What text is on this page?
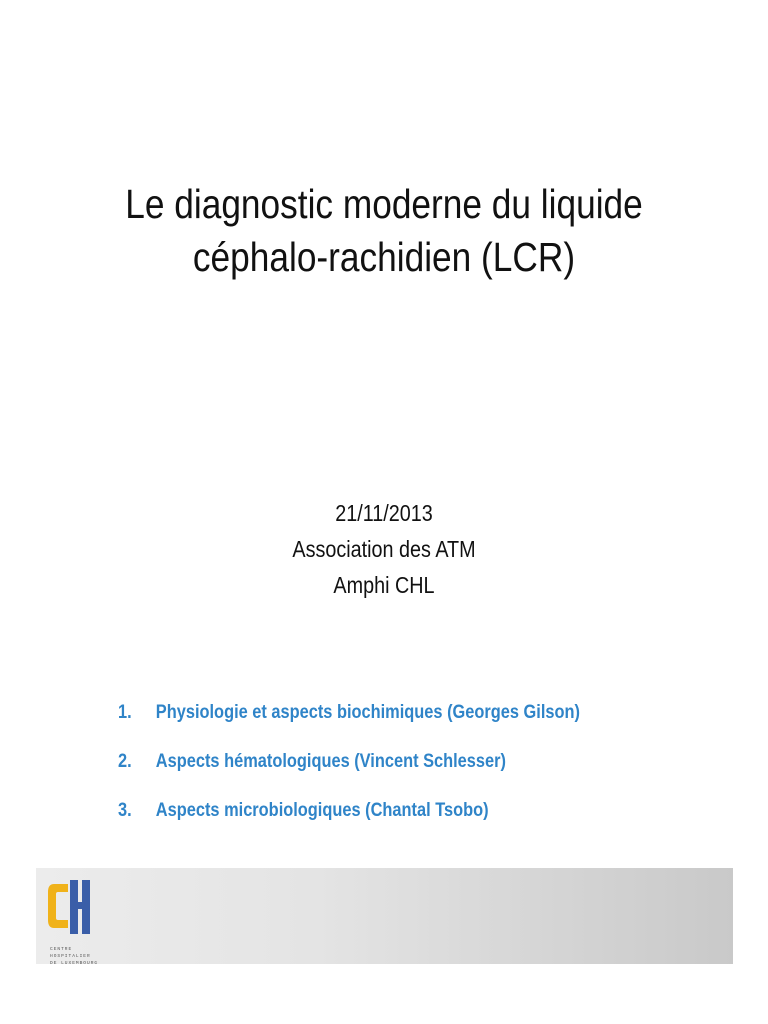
Le diagnostic moderne du liquide
céphalo-rachidien (LCR)
21/11/2013
Association des ATM
Amphi CHL
1.	Physiologie et aspects biochimiques (Georges Gilson)
2.	Aspects hématologiques (Vincent Schlesser)
3.	Aspects microbiologiques (Chantal Tsobo)
CENTRE HOSPITALIER
DE LUXEMBOURG
